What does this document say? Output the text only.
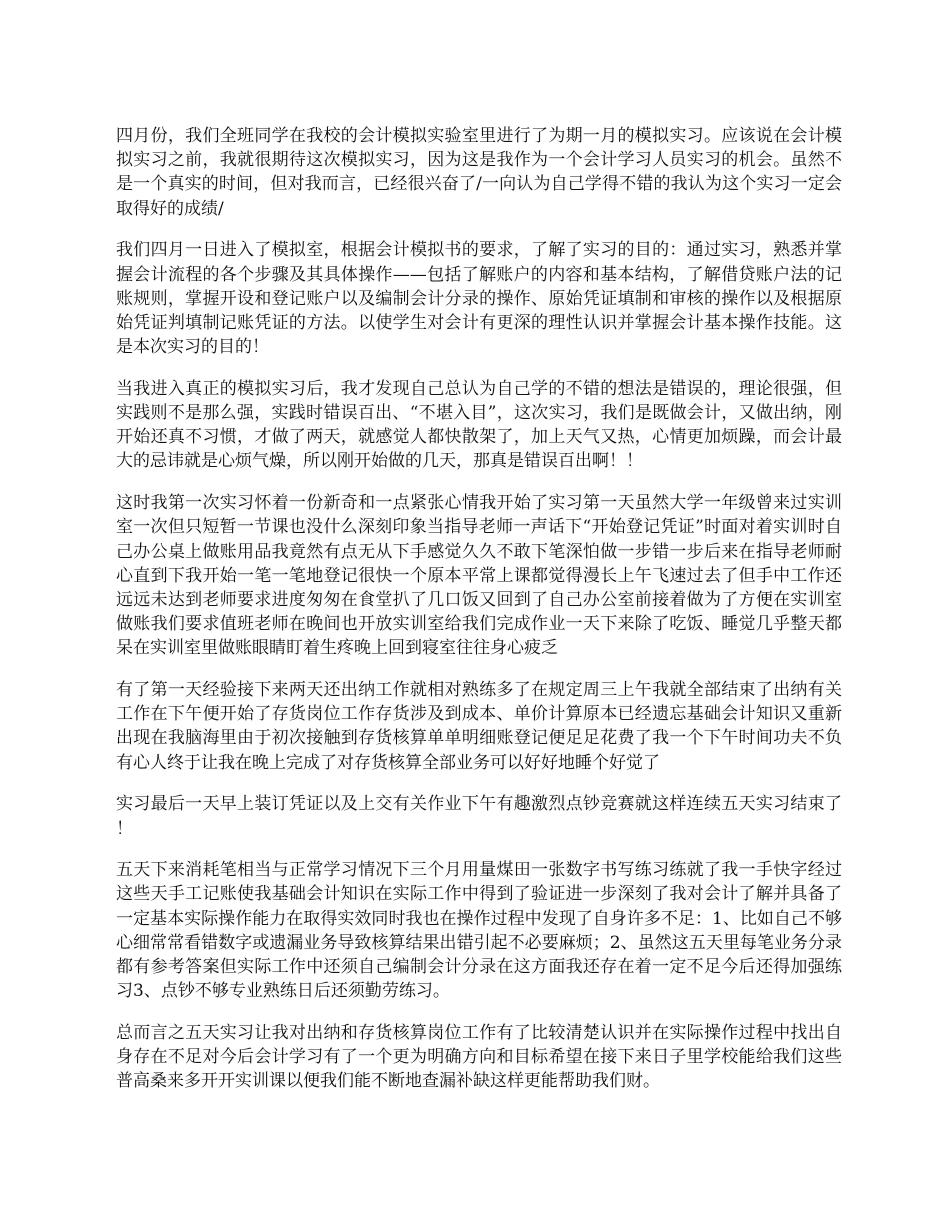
四月份，我们全班同学在我校的会计模拟实验室里进行了为期一月的模拟实习。应该说在会计模拟实习之前，我就很期待这次模拟实习，因为这是我作为一个会计学习人员实习的机会。虽然不是一个真实的时间，但对我而言，已经很兴奋了/一向认为自己学得不错的我认为这个实习一定会取得好的成绩/

我们四月一日进入了模拟室，根据会计模拟书的要求，了解了实习的目的：通过实习，熟悉并掌握会计流程的各个步骤及其具体操作——包括了解账户的内容和基本结构，了解借贷账户法的记账规则，掌握开设和登记账户以及编制会计分录的操作、原始凭证填制和审核的操作以及根据原始凭证判填制记账凭证的方法。以使学生对会计有更深的理性认识并掌握会计基本操作技能。这是本次实习的目的！

当我进入真正的模拟实习后，我才发现自己总认为自己学的不错的想法是错误的，理论很强，但实践则不是那么强，实践时错误百出、“不堪入目”，这次实习，我们是既做会计，又做出纳，刚开始还真不习惯，才做了两天，就感觉人都快散架了，加上天气又热，心情更加烦躁，而会计最大的忌讳就是心烦气燥，所以刚开始做的几天，那真是错误百出啊！！

这时我第一次实习怀着一份新奇和一点紧张心情我开始了实习第一天虽然大学一年级曾来过实训室一次但只短暂一节课也没什么深刻印象当指导老师一声话下“开始登记凭证”时面对着实训时自己办公桌上做账用品我竟然有点无从下手感觉久久不敢下笔深怕做一步错一步后来在指导老师耐心直到下我开始一笔一笔地登记很快一个原本平常上课都觉得漫长上午飞速过去了但手中工作还远远未达到老师要求进度匆匆在食堂扒了几口饭又回到了自己办公室前接着做为了方便在实训室做账我们要求值班老师在晚间也开放实训室给我们完成作业一天下来除了吃饭、睡觉几乎整天都呆在实训室里做账眼睛盯着生疼晚上回到寝室往往身心疲乏

有了第一天经验接下来两天还出纳工作就相对熟练多了在规定周三上午我就全部结束了出纳有关工作在下午便开始了存货岗位工作存货涉及到成本、单价计算原本已经遗忘基础会计知识又重新出现在我脑海里由于初次接触到存货核算单单明细账登记便足足花费了我一个下午时间功夫不负有心人终于让我在晚上完成了对存货核算全部业务可以好好地睡个好觉了

实习最后一天早上装订凭证以及上交有关作业下午有趣激烈点钞竞赛就这样连续五天实习结束了！

五天下来消耗笔相当与正常学习情况下三个月用量煤田一张数字书写练习练就了我一手快字经过这些天手工记账使我基础会计知识在实际工作中得到了验证进一步深刻了我对会计了解并具备了一定基本实际操作能力在取得实效同时我也在操作过程中发现了自身许多不足：1、比如自己不够心细常常看错数字或遗漏业务导致核算结果出错引起不必要麻烦；2、虽然这五天里每笔业务分录都有参考答案但实际工作中还须自己编制会计分录在这方面我还存在着一定不足今后还得加强练习3、点钞不够专业熟练日后还须勤劳练习。

总而言之五天实习让我对出纳和存货核算岗位工作有了比较清楚认识并在实际操作过程中找出自身存在不足对今后会计学习有了一个更为明确方向和目标希望在接下来日子里学校能给我们这些普高桑来多开开实训课以便我们能不断地查漏补缺这样更能帮助我们财。
